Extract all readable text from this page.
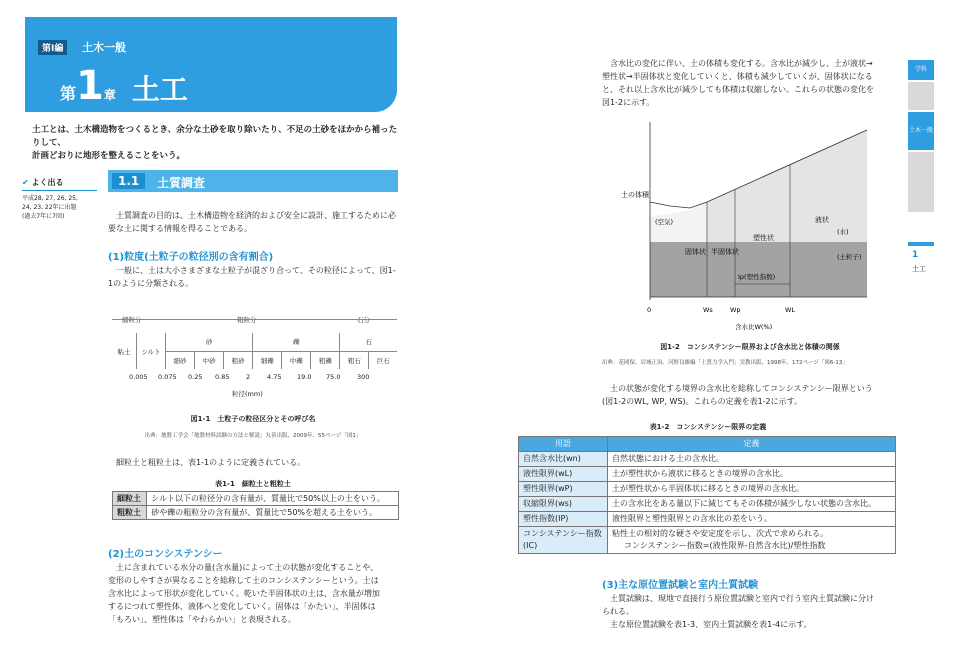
第Ⅰ編	土木一般
第1章 土工
土工とは、土木構造物をつくるとき、余分な土砂を取り除いたり、不足の土砂をほかから補ったりして、
計画どおりに地形を整えることをいう。
✔ よく出る
平成28, 27, 26, 25,
24, 23, 22年に出題
(過去7年に7回)
1.1	土質調査
土質調査の目的は、土木構造物を経済的および安全に設計、施工するために必要な土に関する情報を得ることである。
(1)粒度(土粒子の粒径別の含有割合)
一般に、土は大小さまざまな土粒子が混ざり合って、その粒径によって、図1-1のように分類される。
細粒分	粗粒分	石分
粘土	シルト	砂			礫			石	
		細砂	中砂	粗砂	細礫	中礫	粗礫	粗石	巨石
0.005 0.075 0.25 0.85	2	4.75 19.0 75.0	300
粒径(mm)
図1-1　土粒子の粒径区分とその呼び名
出典：地盤工学会「地盤材料試験の方法と解説」丸善出版、2009年、55ページ「図1」
細粒土と粗粒土は、表1-1のように定義されている。
表1-1　細粒土と粗粒土
細粒土	シルト以下の粒径分の含有量が、質量比で50%以上の土をいう。
粗粒土	砂や礫の粗粒分の含有量が、質量比で50%を超える土をいう。
(2)土のコンシステンシー
土に含まれている水分の量(含水量)によって土の状態が変化することや、
変形のしやすさが異なることを総称して土のコンシステンシーという。土は
含水比によって形状が変化していく。乾いた半固体状の土は、含水量が増加
するにつれて塑性体、液体へと変化していく。固体は「かたい」、半固体は
「もろい」、塑性体は「やわらかい」と表現される。
含水比の変化に伴い、土の体積も変化する。含水比が減少し、土が液状→
塑性状→半固体状と変化していくと、体積も減少していくが、固体状になる
と、それ以上含水比が減少しても体積は収縮しない。これらの状態の変化を
図1-2に示す。
土の体積
(空気)
(水)
(土粒子)
固体状 半固体状
塑性状
液状
Ip(塑性指数)
0	Ws	Wp	WL
含水比W(%)
図1-2　コンシステンシー限界および含水比と体積の関係
出典：花岡保、岩城正治、河野良雄編「土質力学入門」実教出版、1998年、172ページ「図6-13」
土の状態が変化する境界の含水比を総称してコンシステンシー限界という
(図1-2のWL, WP, WS)。これらの定義を表1-2に示す。
表1-2　コンシステンシー限界の定義
用語	定義
自然含水比(wn)	自然状態における土の含水比。
液性限界(wL)	土が塑性状から液状に移るときの境界の含水比。
塑性限界(wP)	土が塑性状から半固体状に移るときの境界の含水比。
収縮限界(ws)	土の含水比をある量以下に減じてもその体積が減少しない状態の含水比。
塑性指数(IP)	液性限界と塑性限界との含水比の差をいう。
コンシステンシー指数(IC)	粘性土の相対的な硬さや安定度を示し、次式で求められる。
コンシステンシー指数=(液性限界-自然含水比)/塑性指数
(3)主な原位置試験と室内土質試験
土質試験は、現地で直接行う原位置試験と室内で行う室内土質試験に分け
られる。
主な原位置試験を表1-3、室内土質試験を表1-4に示す。
学科
土木一般
1
土工
